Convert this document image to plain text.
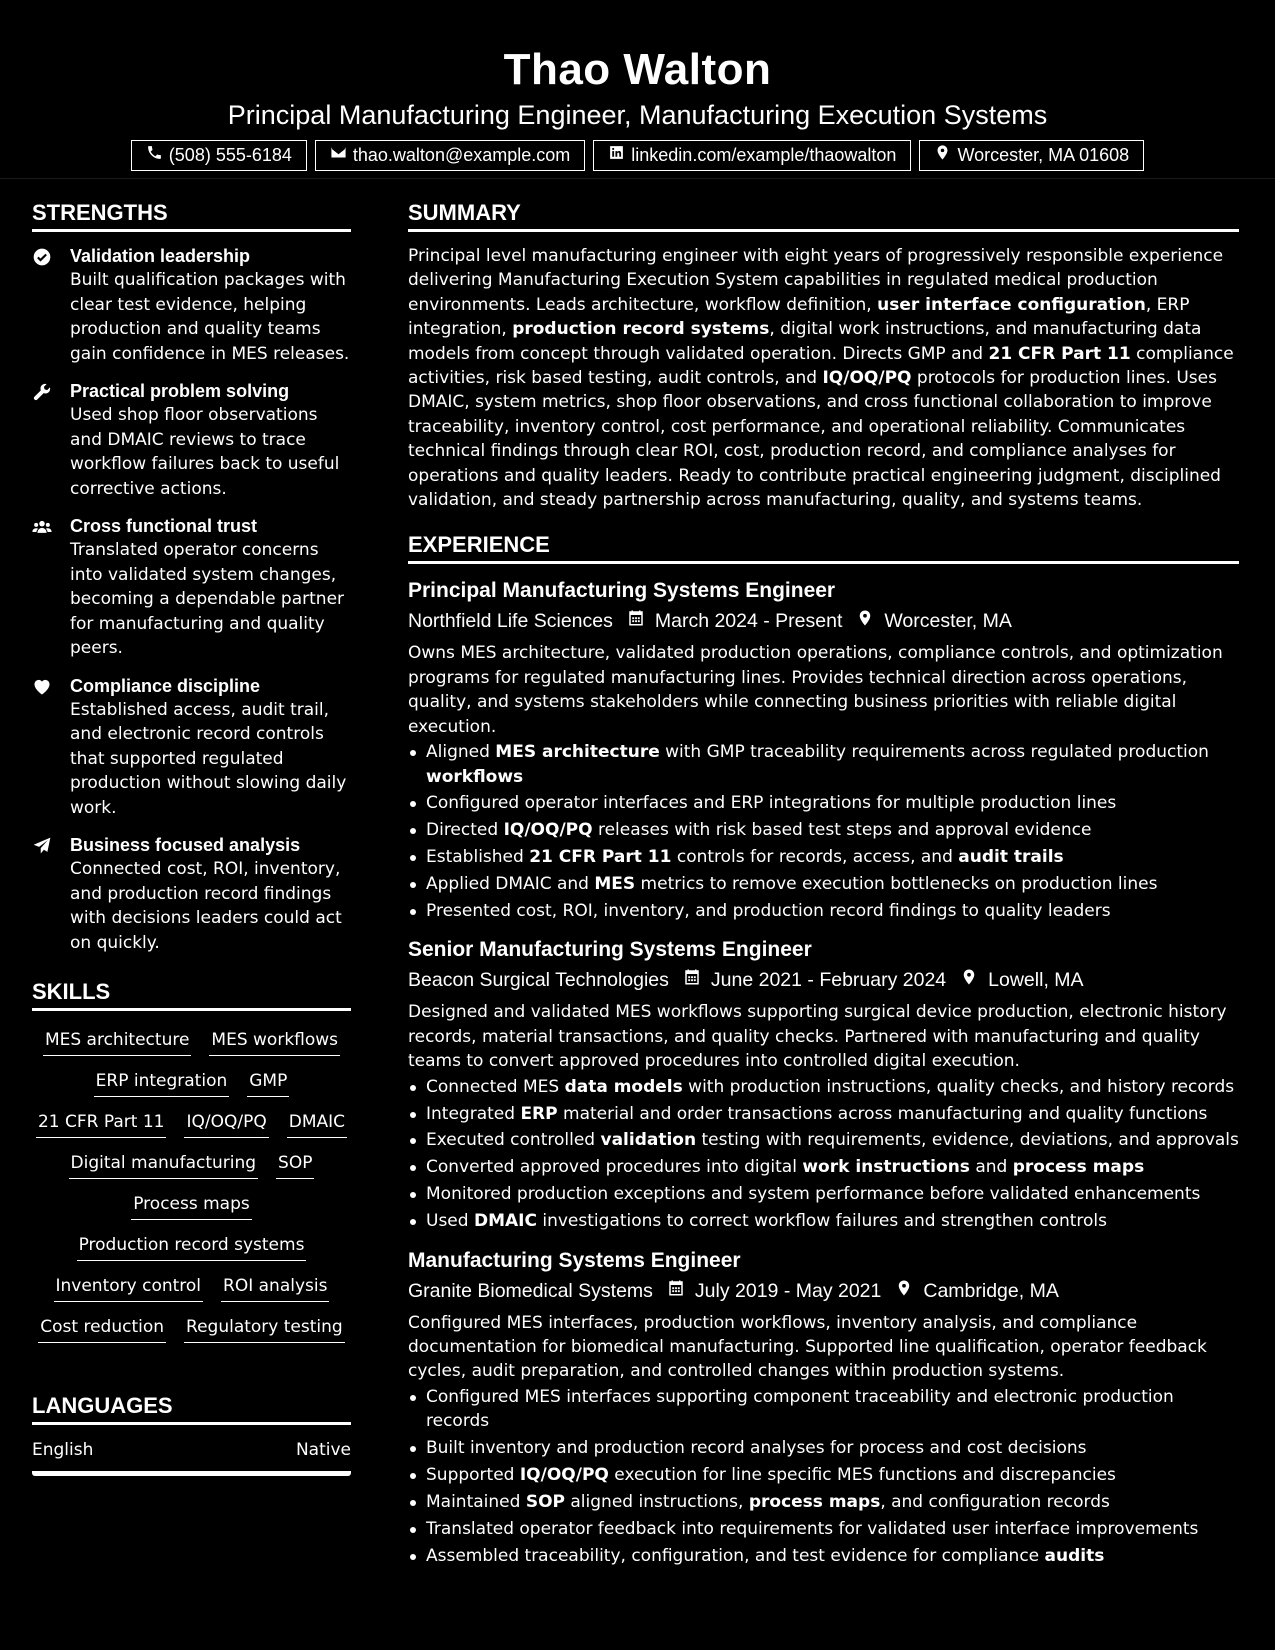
Thao Walton
Principal Manufacturing Engineer, Manufacturing Execution Systems
(508) 555-6184	thao.walton@example.com	linkedin.com/example/thaowalton	Worcester, MA 01608
STRENGTHS
Validation leadership
Built qualification packages with clear test evidence, helping production and quality teams gain confidence in MES releases.
Practical problem solving
Used shop floor observations and DMAIC reviews to trace workflow failures back to useful corrective actions.
Cross functional trust
Translated operator concerns into validated system changes, becoming a dependable partner for manufacturing and quality peers.
Compliance discipline
Established access, audit trail, and electronic record controls that supported regulated production without slowing daily work.
Business focused analysis
Connected cost, ROI, inventory, and production record findings with decisions leaders could act on quickly.
SKILLS
MES architecture MES workflows
ERP integration GMP
21 CFR Part 11 IQ/OQ/PQ DMAIC
Digital manufacturing SOP
Process maps
Production record systems
Inventory control ROI analysis
Cost reduction Regulatory testing
LANGUAGES
English	Native
SUMMARY

Principal level manufacturing engineer with eight years of progressively responsible experience delivering Manufacturing Execution System capabilities in regulated medical production environments. Leads architecture, workflow definition, user interface configuration, ERP integration, production record systems, digital work instructions, and manufacturing data models from concept through validated operation. Directs GMP and 21 CFR Part 11 compliance activities, risk based testing, audit controls, and IQ/OQ/PQ protocols for production lines. Uses DMAIC, system metrics, shop floor observations, and cross functional collaboration to improve traceability, inventory control, cost performance, and operational reliability. Communicates technical findings through clear ROI, cost, production record, and compliance analyses for operations and quality leaders. Ready to contribute practical engineering judgment, disciplined validation, and steady partnership across manufacturing, quality, and systems teams.

EXPERIENCE
Principal Manufacturing Systems Engineer
Northfield Life Sciences March 2024 - Present Worcester, MA
Owns MES architecture, validated production operations, compliance controls, and optimization programs for regulated manufacturing lines. Provides technical direction across operations, quality, and systems stakeholders while connecting business priorities with reliable digital execution.
Aligned MES architecture with GMP traceability requirements across regulated production workflows
Configured operator interfaces and ERP integrations for multiple production lines
Directed IQ/OQ/PQ releases with risk based test steps and approval evidence
Established 21 CFR Part 11 controls for records, access, and audit trails
Applied DMAIC and MES metrics to remove execution bottlenecks on production lines
Presented cost, ROI, inventory, and production record findings to quality leaders
Senior Manufacturing Systems Engineer
Beacon Surgical Technologies June 2021 - February 2024 Lowell, MA
Designed and validated MES workflows supporting surgical device production, electronic history records, material transactions, and quality checks. Partnered with manufacturing and quality teams to convert approved procedures into controlled digital execution.
Connected MES data models with production instructions, quality checks, and history records
Integrated ERP material and order transactions across manufacturing and quality functions
Executed controlled validation testing with requirements, evidence, deviations, and approvals
Converted approved procedures into digital work instructions and process maps
Monitored production exceptions and system performance before validated enhancements
Used DMAIC investigations to correct workflow failures and strengthen controls
Manufacturing Systems Engineer
Granite Biomedical Systems July 2019 - May 2021 Cambridge, MA
Configured MES interfaces, production workflows, inventory analysis, and compliance documentation for biomedical manufacturing. Supported line qualification, operator feedback cycles, audit preparation, and controlled changes within production systems.
Configured MES interfaces supporting component traceability and electronic production records
Built inventory and production record analyses for process and cost decisions
Supported IQ/OQ/PQ execution for line specific MES functions and discrepancies
Maintained SOP aligned instructions, process maps, and configuration records
Translated operator feedback into requirements for validated user interface improvements
Assembled traceability, configuration, and test evidence for compliance audits
